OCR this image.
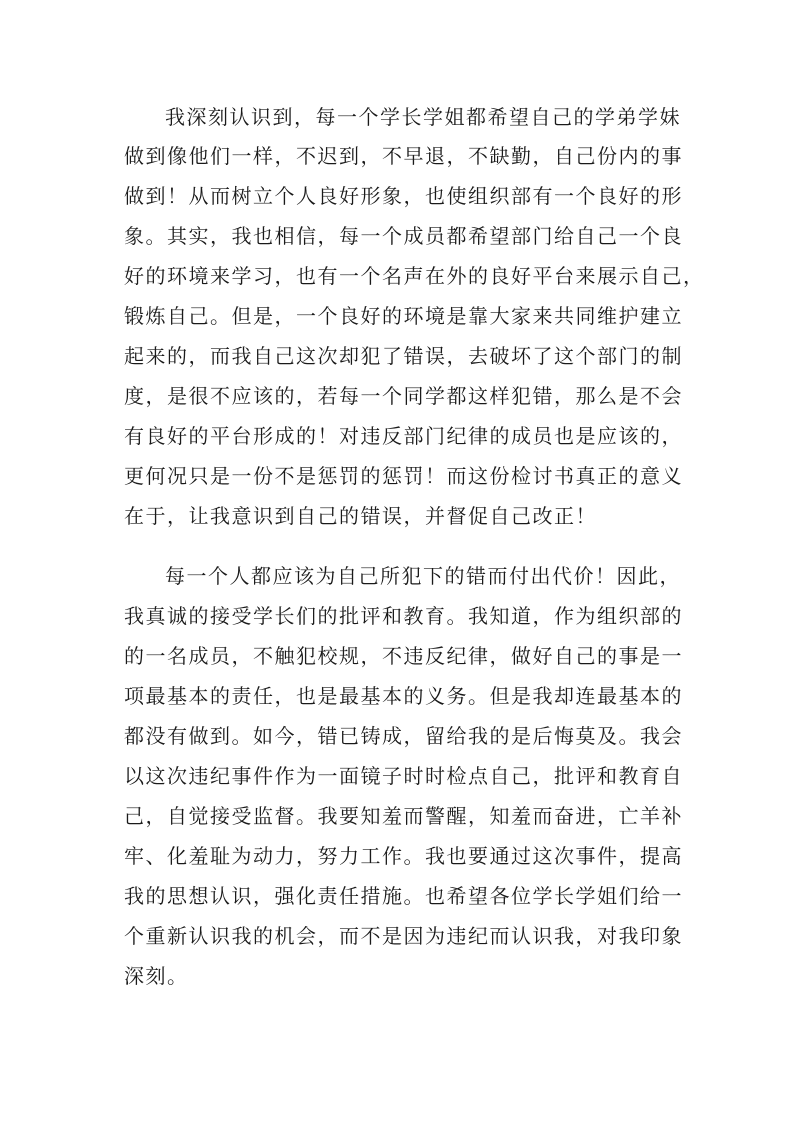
我深刻认识到，每一个学长学姐都希望自己的学弟学妹
做到像他们一样，不迟到，不早退，不缺勤，自己份内的事
做到！从而树立个人良好形象，也使组织部有一个良好的形
象。其实，我也相信，每一个成员都希望部门给自己一个良
好的环境来学习，也有一个名声在外的良好平台来展示自己，
锻炼自己。但是，一个良好的环境是靠大家来共同维护建立
起来的，而我自己这次却犯了错误，去破坏了这个部门的制
度，是很不应该的，若每一个同学都这样犯错，那么是不会
有良好的平台形成的！对违反部门纪律的成员也是应该的，
更何况只是一份不是惩罚的惩罚！而这份检讨书真正的意义
在于，让我意识到自己的错误，并督促自己改正！
每一个人都应该为自己所犯下的错而付出代价！因此，
我真诚的接受学长们的批评和教育。我知道，作为组织部的
的一名成员，不触犯校规，不违反纪律，做好自己的事是一
项最基本的责任，也是最基本的义务。但是我却连最基本的
都没有做到。如今，错已铸成，留给我的是后悔莫及。我会
以这次违纪事件作为一面镜子时时检点自己，批评和教育自
己，自觉接受监督。我要知羞而警醒，知羞而奋进，亡羊补
牢、化羞耻为动力，努力工作。我也要通过这次事件，提高
我的思想认识，强化责任措施。也希望各位学长学姐们给一
个重新认识我的机会，而不是因为违纪而认识我，对我印象
深刻。
